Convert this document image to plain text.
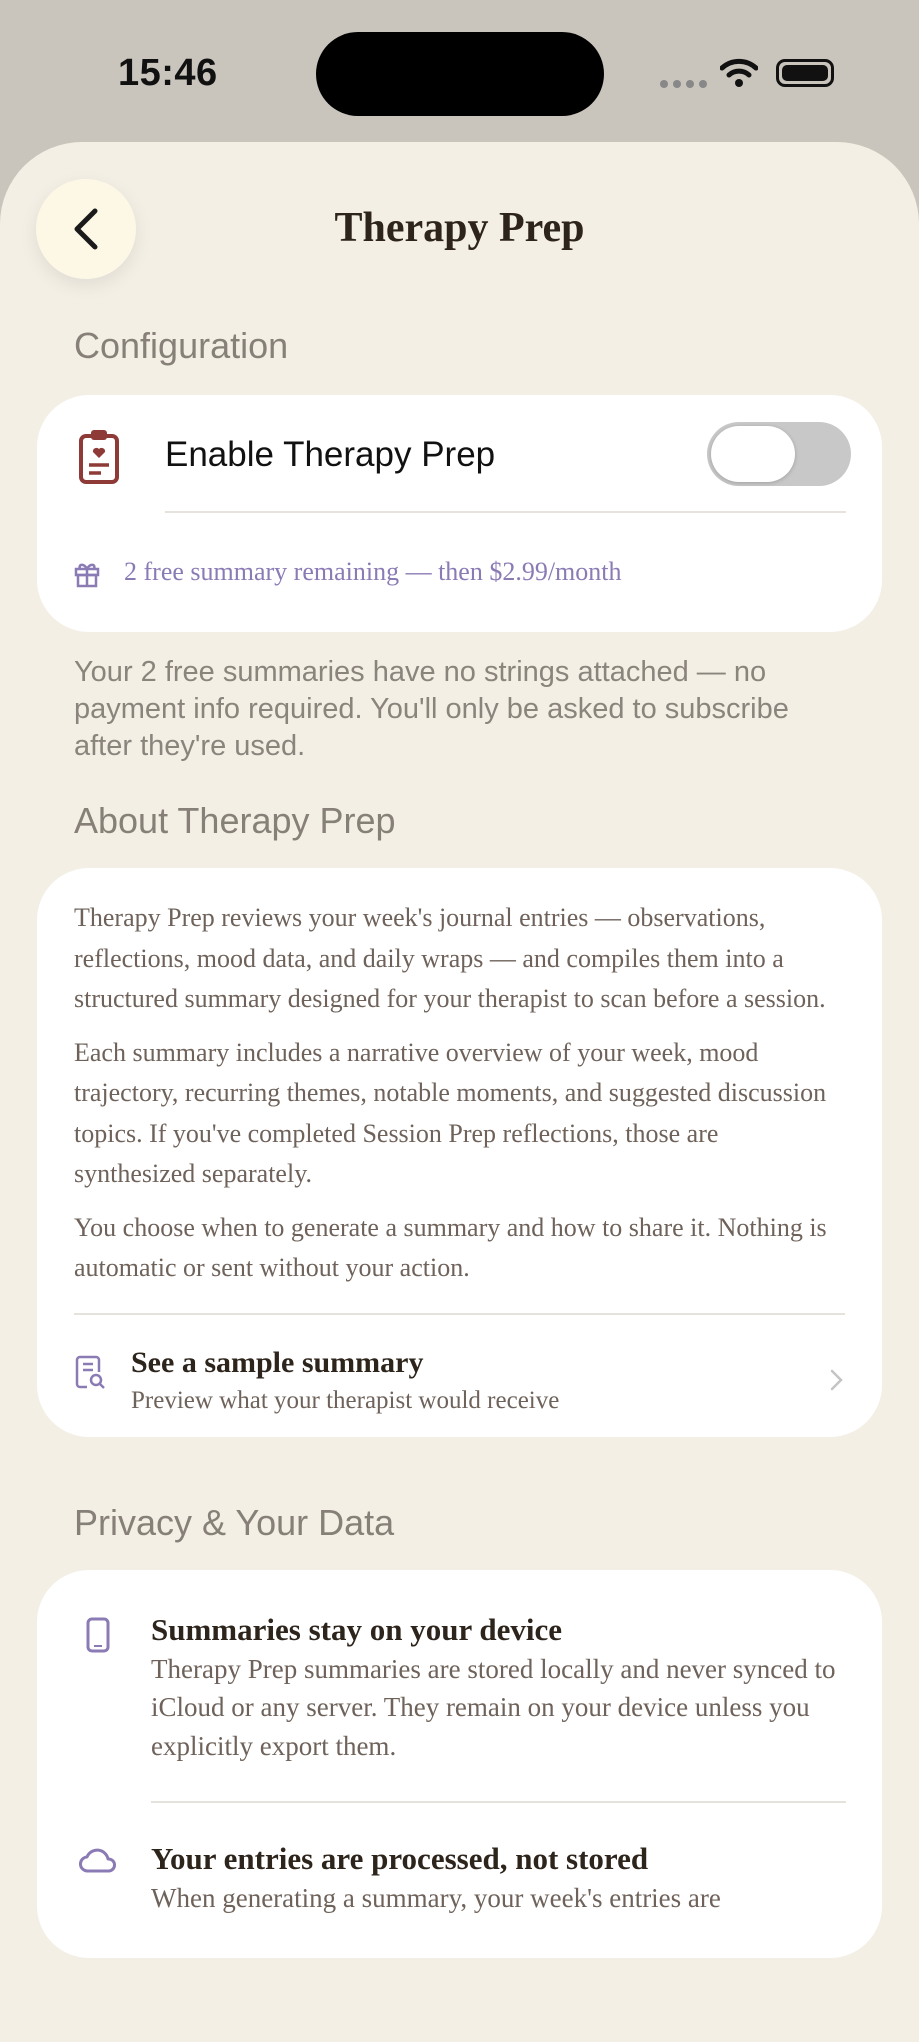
15:46
Therapy Prep
Configuration
Enable Therapy Prep
2 free summary remaining — then $2.99/month
Your 2 free summaries have no strings attached — no payment info required. You'll only be asked to subscribe after they're used.
About Therapy Prep
Therapy Prep reviews your week's journal entries — observations, reflections, mood data, and daily wraps — and compiles them into a structured summary designed for your therapist to scan before a session.
Each summary includes a narrative overview of your week, mood trajectory, recurring themes, notable moments, and suggested discussion topics. If you've completed Session Prep reflections, those are synthesized separately.
You choose when to generate a summary and how to share it. Nothing is automatic or sent without your action.
See a sample summary
Preview what your therapist would receive
Privacy & Your Data
Summaries stay on your device
Therapy Prep summaries are stored locally and never synced to iCloud or any server. They remain on your device unless you explicitly export them.
Your entries are processed, not stored
When generating a summary, your week's entries are
